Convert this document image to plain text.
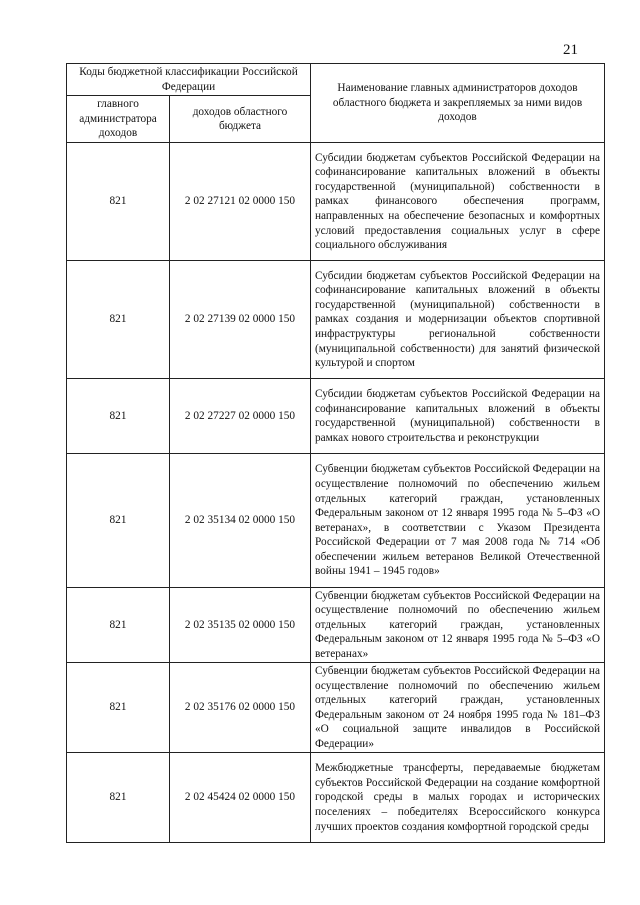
21
Коды бюджетной классификации Российской Федерации		Наименование главных администраторов доходов областного бюджета и закрепляемых за ними видов доходов
главного администратора доходов	доходов областного бюджета	
821	2 02 27121 02 0000 150	Субсидии бюджетам субъектов Российской Федерации на софинансирование капитальных вложений в объекты государственной (муниципальной) собственности в рамках финансового обеспечения программ, направленных на обеспечение безопасных и комфортных условий предоставления социальных услуг в сфере социального обслуживания

821	2 02 27139 02 0000 150	Субсидии бюджетам субъектов Российской Федерации на софинансирование капитальных вложений в объекты государственной (муниципальной) собственности в рамках создания и модернизации объектов спортивной инфраструктуры региональной собственности (муниципальной собственности) для занятий физической культурой и спортом

821	2 02 27227 02 0000 150	Субсидии бюджетам субъектов Российской Федерации на софинансирование капитальных вложений в объекты государственной (муниципальной) собственности в рамках нового строительства и реконструкции

821	2 02 35134 02 0000 150	Субвенции бюджетам субъектов Российской Федерации на осуществление полномочий по обеспечению жильем отдельных категорий граждан, установленных Федеральным законом от 12 января 1995 года № 5–ФЗ «О ветеранах», в соответствии с Указом Президента Российской Федерации от 7 мая 2008 года № 714 «Об обеспечении жильем ветеранов Великой Отечественной войны 1941 – 1945 годов»

821	2 02 35135 02 0000 150	Субвенции бюджетам субъектов Российской Федерации на осуществление полномочий по обеспечению жильем отдельных категорий граждан, установленных Федеральным законом от 12 января 1995 года № 5–ФЗ «О ветеранах»

821	2 02 35176 02 0000 150	Субвенции бюджетам субъектов Российской Федерации на осуществление полномочий по обеспечению жильем отдельных категорий граждан, установленных Федеральным законом от 24 ноября 1995 года № 181–ФЗ «О социальной защите инвалидов в Российской Федерации»

821	2 02 45424 02 0000 150	Межбюджетные трансферты, передаваемые бюджетам субъектов Российской Федерации на создание комфортной городской среды в малых городах и исторических поселениях – победителях Всероссийского конкурса лучших проектов создания комфортной городской среды
